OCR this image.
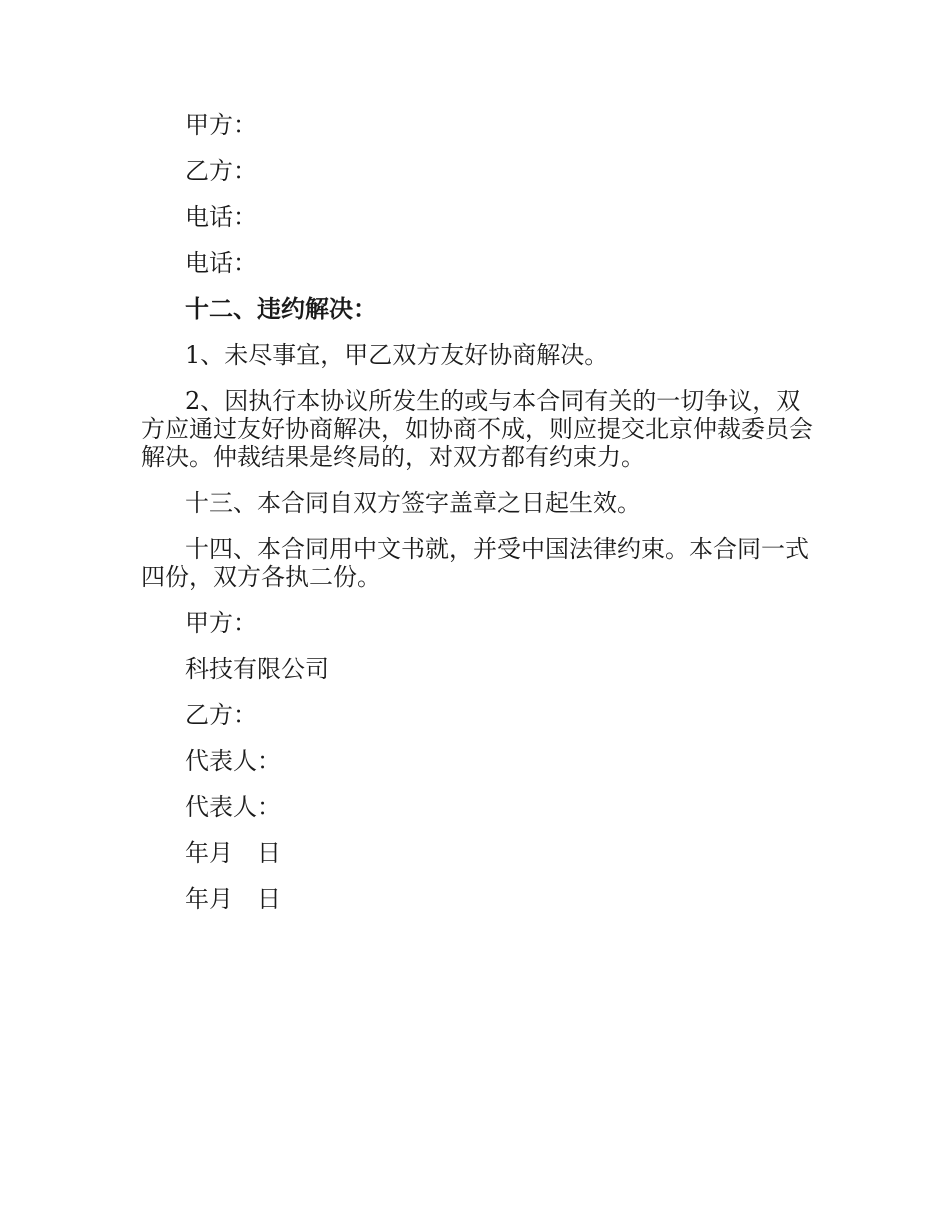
甲方：

乙方：

电话：

电话：

十二、违约解决：

1、未尽事宜，甲乙双方友好协商解决。

2、因执行本协议所发生的或与本合同有关的一切争议，双方应通过友好协商解决，如协商不成，则应提交北京仲裁委员会解决。仲裁结果是终局的，对双方都有约束力。

十三、本合同自双方签字盖章之日起生效。

十四、本合同用中文书就，并受中国法律约束。本合同一式四份，双方各执二份。

甲方：

科技有限公司

乙方：

代表人：

代表人：

年月　日

年月　日
